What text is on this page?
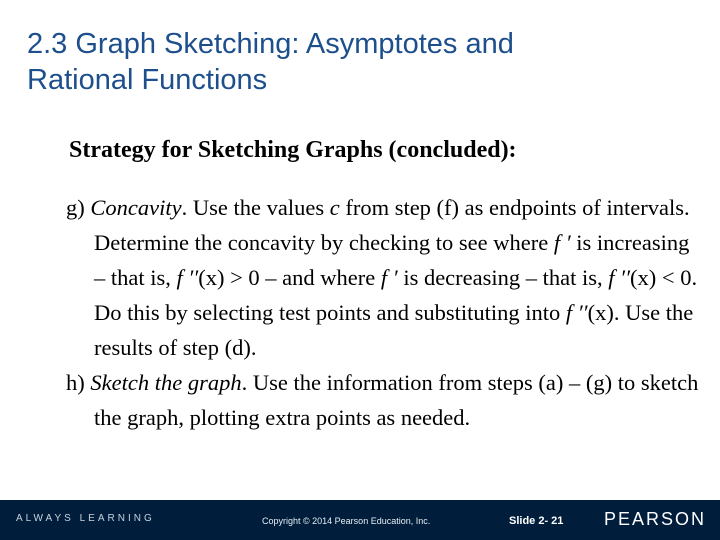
2.3 Graph Sketching: Asymptotes and
Rational Functions
Strategy for Sketching Graphs (concluded):

g) Concavity. Use the values c from step (f) as endpoints of intervals. Determine the concavity by checking to see where f ′ is increasing – that is, f ′′(x) > 0 – and where f ′ is decreasing – that is, f ′′(x) < 0. Do this by selecting test points and substituting into f ′′(x). Use the results of step (d).

h) Sketch the graph. Use the information from steps (a) – (g) to sketch the graph, plotting extra points as needed.

ALWAYS LEARNING	Copyright © 2014 Pearson Education, Inc.	Slide 2- 21 PEARSON
